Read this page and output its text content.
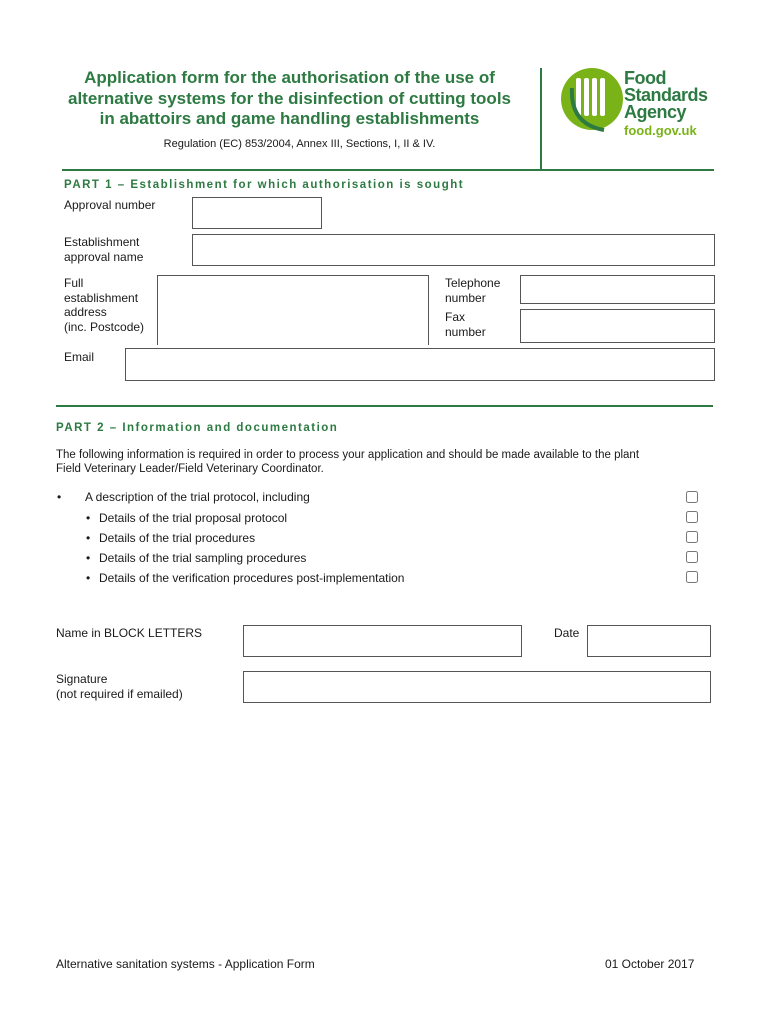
Application form for the authorisation of the use of alternative systems for the disinfection of cutting tools in abattoirs and game handling establishments
Regulation (EC) 853/2004, Annex III, Sections, I, II & IV.
Food
Standards
Agency
food.gov.uk
PART 1 – Establishment for which authorisation is sought
Approval number
Establishment
approval name
Full
establishment
address
(inc. Postcode)
Telephone
number
Fax
number
Email
PART 2 – Information and documentation
The following information is required in order to process your application and should be made available to the plant
Field Veterinary Leader/Field Veterinary Coordinator.
• A description of the trial protocol, including
• Details of the trial proposal protocol
• Details of the trial procedures
• Details of the trial sampling procedures
• Details of the verification procedures post-implementation
Name in BLOCK LETTERS	Date
Signature
(not required if emailed)
Alternative sanitation systems - Application Form	01 October 2017
